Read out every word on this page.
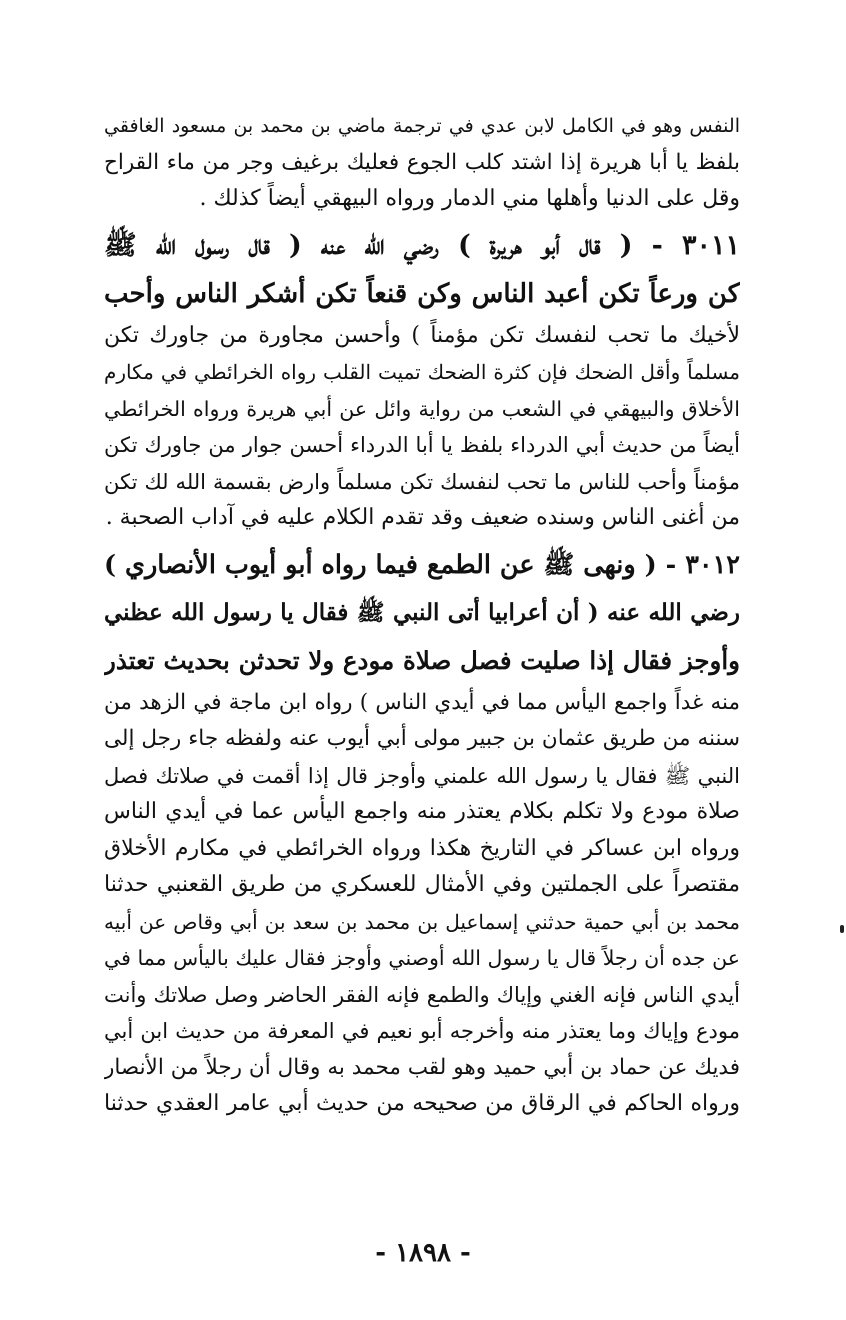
النفس وهو في الكامل لابن عدي في ترجمة ماضي بن محمد بن مسعود الغافقي
بلفظ يا أبا هريرة إذا اشتد كلب الجوع فعليك برغيف وجر من ماء القراح
وقل على الدنيا وأهلها مني الدمار ورواه البيهقي أيضاً كذلك .
٣٠١١ - ( قال أبو هريرة ) رضي الله عنه ( قال رسول الله ﷺ
كن ورعاً تكن أعبد الناس وكن قنعاً تكن أشكر الناس وأحب
لأخيك ما تحب لنفسك تكن مؤمناً ) وأحسن مجاورة من جاورك تكن
مسلماً وأقل الضحك فإن كثرة الضحك تميت القلب رواه الخرائطي في مكارم
الأخلاق والبيهقي في الشعب من رواية وائل عن أبي هريرة ورواه الخرائطي
أيضاً من حديث أبي الدرداء بلفظ يا أبا الدرداء أحسن جوار من جاورك تكن
مؤمناً وأحب للناس ما تحب لنفسك تكن مسلماً وارض بقسمة الله لك تكن
من أغنى الناس وسنده ضعيف وقد تقدم الكلام عليه في آداب الصحبة .
٣٠١٢ - ( ونهى ﷺ عن الطمع فيما رواه أبو أيوب الأنصاري )
رضي الله عنه ( أن أعرابيا أتى النبي ﷺ فقال يا رسول الله عظني
وأوجز فقال إذا صليت فصل صلاة مودع ولا تحدثن بحديث تعتذر
منه غداً واجمع اليأس مما في أيدي الناس ) رواه ابن ماجة في الزهد من
سننه من طريق عثمان بن جبير مولى أبي أيوب عنه ولفظه جاء رجل إلى
النبي ﷺ فقال يا رسول الله علمني وأوجز قال إذا أقمت في صلاتك فصل
صلاة مودع ولا تكلم بكلام يعتذر منه واجمع اليأس عما في أيدي الناس
ورواه ابن عساكر في التاريخ هكذا ورواه الخرائطي في مكارم الأخلاق
مقتصراً على الجملتين وفي الأمثال للعسكري من طريق القعنبي حدثنا
محمد بن أبي حمية حدثني إسماعيل بن محمد بن سعد بن أبي وقاص عن أبيه
عن جده أن رجلاً قال يا رسول الله أوصني وأوجز فقال عليك باليأس مما في
أيدي الناس فإنه الغني وإياك والطمع فإنه الفقر الحاضر وصل صلاتك وأنت
مودع وإياك وما يعتذر منه وأخرجه أبو نعيم في المعرفة من حديث ابن أبي
فديك عن حماد بن أبي حميد وهو لقب محمد به وقال أن رجلاً من الأنصار
ورواه الحاكم في الرقاق من صحيحه من حديث أبي عامر العقدي حدثنا
- ١٨٩٨ -
